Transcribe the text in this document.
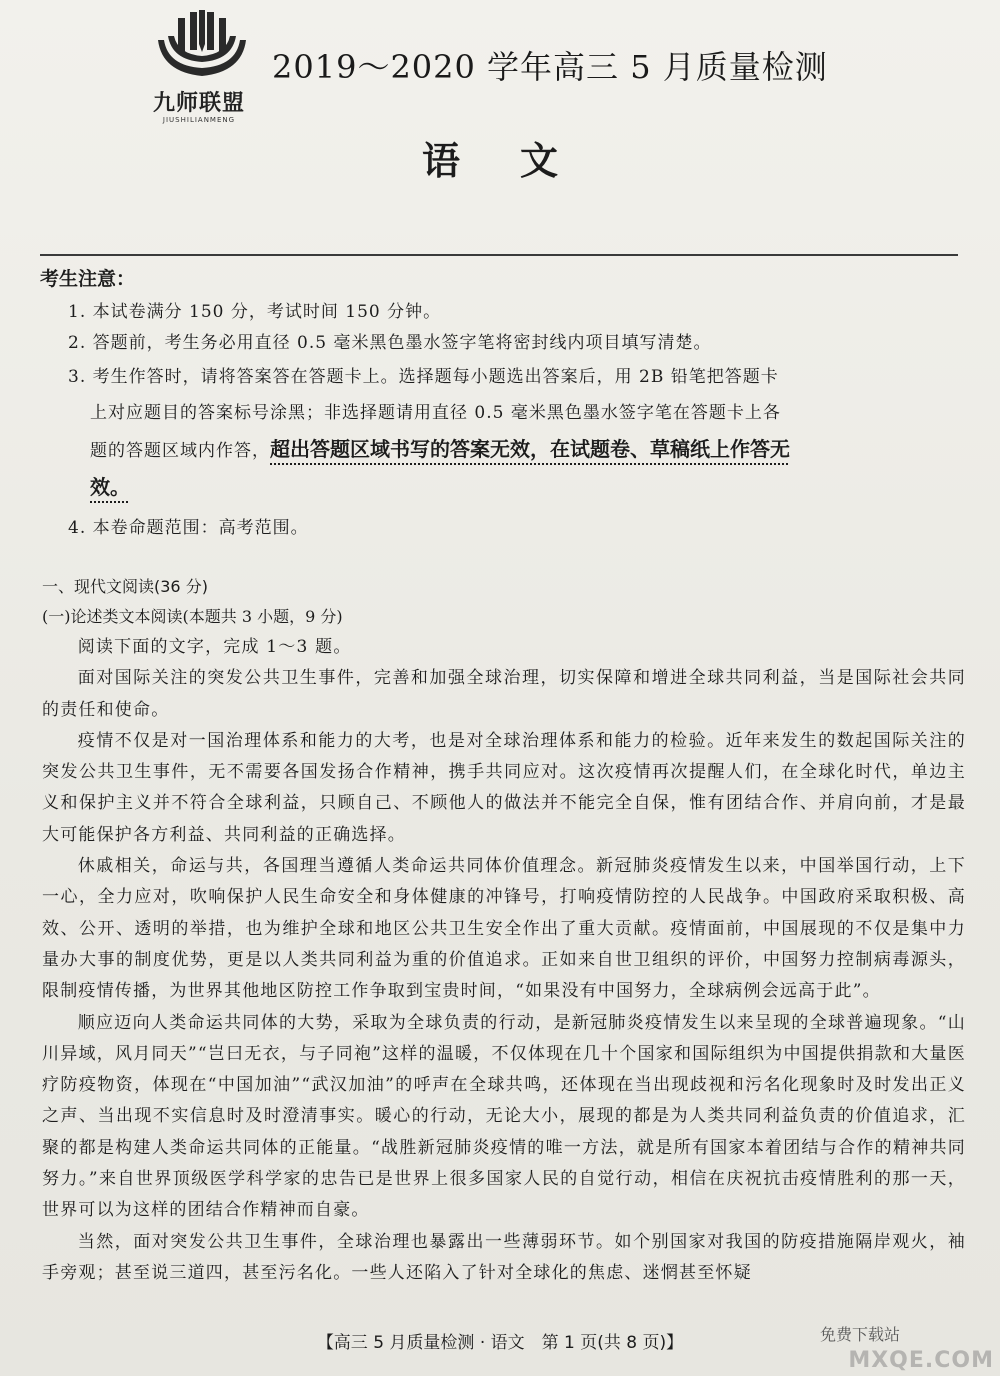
九师联盟
JIUSHILIANMENG
2019～2020 学年高三 5 月质量检测
语文
考生注意：
1. 本试卷满分 150 分，考试时间 150 分钟。
2. 答题前，考生务必用直径 0.5 毫米黑色墨水签字笔将密封线内项目填写清楚。
3. 考生作答时，请将答案答在答题卡上。选择题每小题选出答案后，用 2B 铅笔把答题卡上对应题目的答案标号涂黑；非选择题请用直径 0.5 毫米黑色墨水签字笔在答题卡上各题的答题区域内作答，超出答题区域书写的答案无效，在试题卷、草稿纸上作答无效。
4. 本卷命题范围：高考范围。
一、现代文阅读(36 分)
(一)论述类文本阅读(本题共 3 小题，9 分)

阅读下面的文字，完成 1～3 题。

面对国际关注的突发公共卫生事件，完善和加强全球治理，切实保障和增进全球共同利益，当是国际社会共同的责任和使命。

疫情不仅是对一国治理体系和能力的大考，也是对全球治理体系和能力的检验。近年来发生的数起国际关注的突发公共卫生事件，无不需要各国发扬合作精神，携手共同应对。这次疫情再次提醒人们，在全球化时代，单边主义和保护主义并不符合全球利益，只顾自己、不顾他人的做法并不能完全自保，惟有团结合作、并肩向前，才是最大可能保护各方利益、共同利益的正确选择。

休戚相关，命运与共，各国理当遵循人类命运共同体价值理念。新冠肺炎疫情发生以来，中国举国行动，上下一心，全力应对，吹响保护人民生命安全和身体健康的冲锋号，打响疫情防控的人民战争。中国政府采取积极、高效、公开、透明的举措，也为维护全球和地区公共卫生安全作出了重大贡献。疫情面前，中国展现的不仅是集中力量办大事的制度优势，更是以人类共同利益为重的价值追求。正如来自世卫组织的评价，中国努力控制病毒源头，限制疫情传播，为世界其他地区防控工作争取到宝贵时间，“如果没有中国努力，全球病例会远高于此”。

顺应迈向人类命运共同体的大势，采取为全球负责的行动，是新冠肺炎疫情发生以来呈现的全球普遍现象。“山川异域，风月同天”“岂曰无衣，与子同袍”这样的温暖，不仅体现在几十个国家和国际组织为中国提供捐款和大量医疗防疫物资，体现在“中国加油”“武汉加油”的呼声在全球共鸣，还体现在当出现歧视和污名化现象时及时发出正义之声、当出现不实信息时及时澄清事实。暖心的行动，无论大小，展现的都是为人类共同利益负责的价值追求，汇聚的都是构建人类命运共同体的正能量。“战胜新冠肺炎疫情的唯一方法，就是所有国家本着团结与合作的精神共同努力。”来自世界顶级医学科学家的忠告已是世界上很多国家人民的自觉行动，相信在庆祝抗击疫情胜利的那一天，世界可以为这样的团结合作精神而自豪。

当然，面对突发公共卫生事件，全球治理也暴露出一些薄弱环节。如个别国家对我国的防疫措施隔岸观火，袖手旁观；甚至说三道四，甚至污名化。一些人还陷入了针对全球化的焦虑、迷惘甚至怀疑

【高三 5 月质量检测 · 语文　第 1 页(共 8 页)】	免费下载站
MXQE.COM
